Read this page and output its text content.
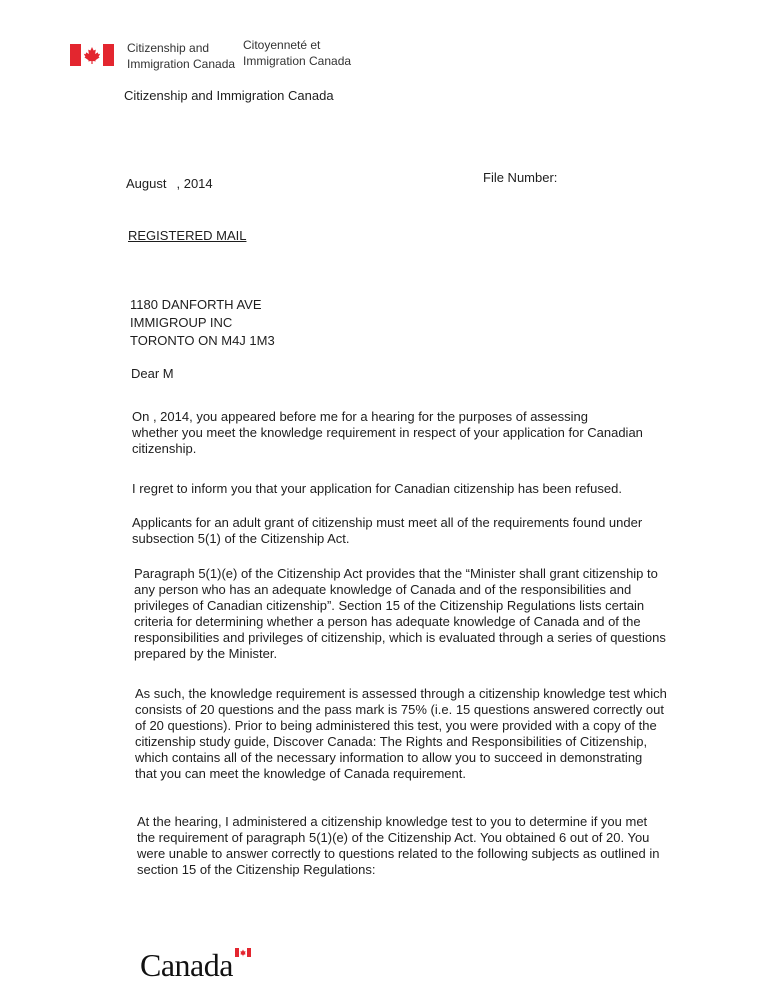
Citizenship and
Immigration Canada
Citoyenneté et
Immigration Canada
Citizenship and Immigration Canada
August , 2014	File Number:
REGISTERED MAIL
1180 DANFORTH AVE
IMMIGROUP INC
TORONTO ON M4J 1M3
Dear M
On , 2014, you appeared before me for a hearing for the purposes of assessing
whether you meet the knowledge requirement in respect of your application for Canadian
citizenship.
I regret to inform you that your application for Canadian citizenship has been refused.
Applicants for an adult grant of citizenship must meet all of the requirements found under
subsection 5(1) of the Citizenship Act.
Paragraph 5(1)(e) of the Citizenship Act provides that the “Minister shall grant citizenship to
any person who has an adequate knowledge of Canada and of the responsibilities and
privileges of Canadian citizenship”. Section 15 of the Citizenship Regulations lists certain
criteria for determining whether a person has adequate knowledge of Canada and of the
responsibilities and privileges of citizenship, which is evaluated through a series of questions
prepared by the Minister.
As such, the knowledge requirement is assessed through a citizenship knowledge test which
consists of 20 questions and the pass mark is 75% (i.e. 15 questions answered correctly out
of 20 questions). Prior to being administered this test, you were provided with a copy of the
citizenship study guide, Discover Canada: The Rights and Responsibilities of Citizenship,
which contains all of the necessary information to allow you to succeed in demonstrating
that you can meet the knowledge of Canada requirement.
At the hearing, I administered a citizenship knowledge test to you to determine if you met
the requirement of paragraph 5(1)(e) of the Citizenship Act. You obtained 6 out of 20. You
were unable to answer correctly to questions related to the following subjects as outlined in
section 15 of the Citizenship Regulations:
Canada
